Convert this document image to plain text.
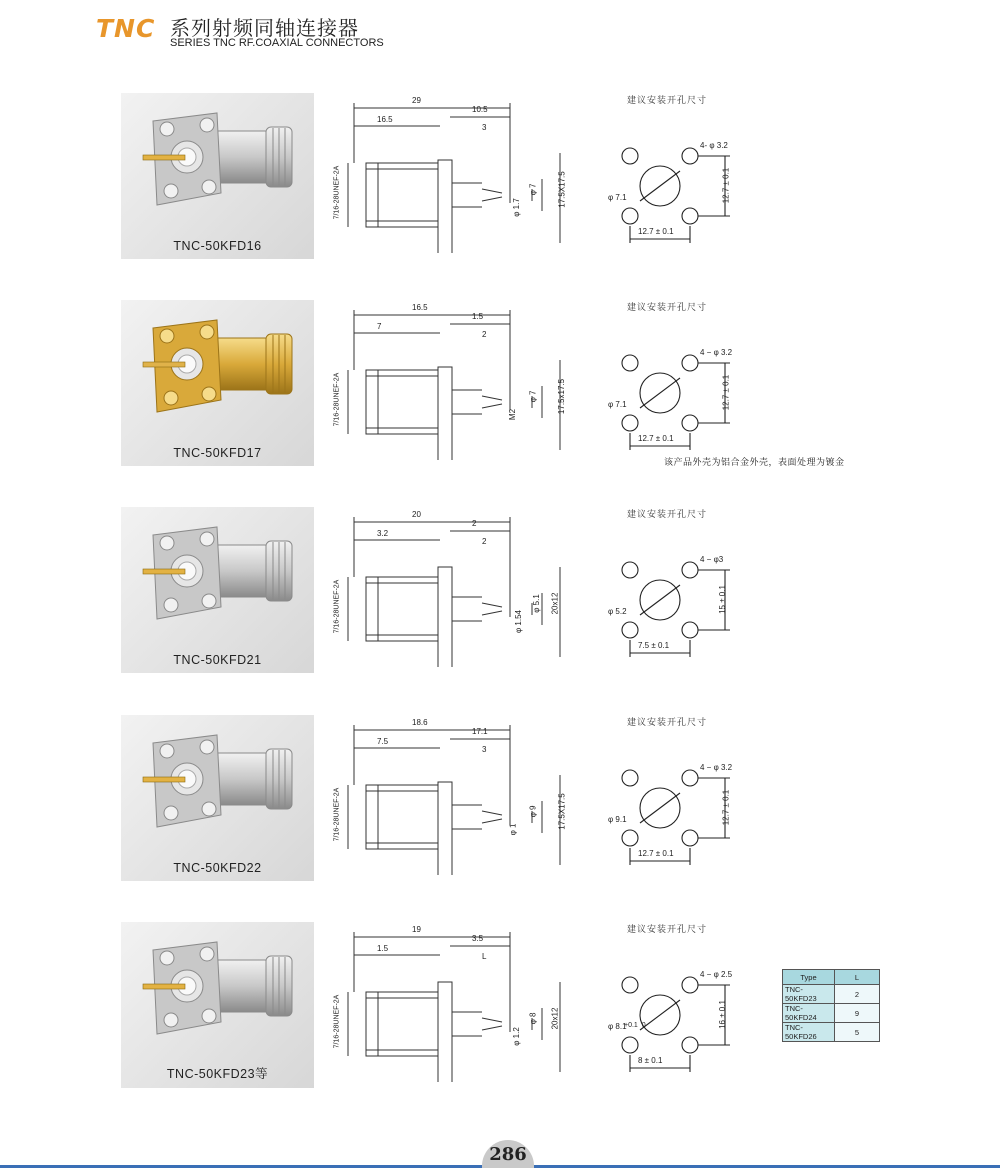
TNC 系列射频同轴连接器
SERIES TNC RF.COAXIAL CONNECTORS
TNC-50KFD16
29
16.5
10.5
3
7/16-28UNEF-2A	φ 1.7
φ 7	17.5X17.5
建议安装开孔尺寸
4- φ 3.2
φ 7.1	12.7 ± 0.1
12.7 ± 0.1
TNC-50KFD17
16.5
7
1.5
2
7/16-28UNEF-2A	M2
φ 7 17.5x17.5
建议安装开孔尺寸
4 − φ 3.2
φ 7.1	12.7 ± 0.1
12.7 ± 0.1
TNC-50KFD21
20
3.2
2
2
7/16-28UNEF-2A	φ 1.54
φ 5.1 20x12
建议安装开孔尺寸
4 − φ3
φ 5.2	15 ± 0.1
7.5 ± 0.1
TNC-50KFD22
18.6
7.5
17.1
3
7/16-28UNEF-2A	φ 1
φ 9	17.5X17.5
建议安装开孔尺寸
4 − φ 3.2
φ 9.1	12.7 ± 0.1
12.7 ± 0.1
TNC-50KFD23等
19
1.5
3.5
L
7/16-28UNEF-2A	φ 1.2
φ 8 20x12
建议安装开孔尺寸
4 − φ 2.5
φ 8.1	16 ± 0.1
8 ± 0.1
Type	L
TNC-50KFD23	2
TNC-50KFD24	9
TNC-50KFD26	5
286
该产品外壳为铝合金外壳，表面处理为镀金
+0.1  0
